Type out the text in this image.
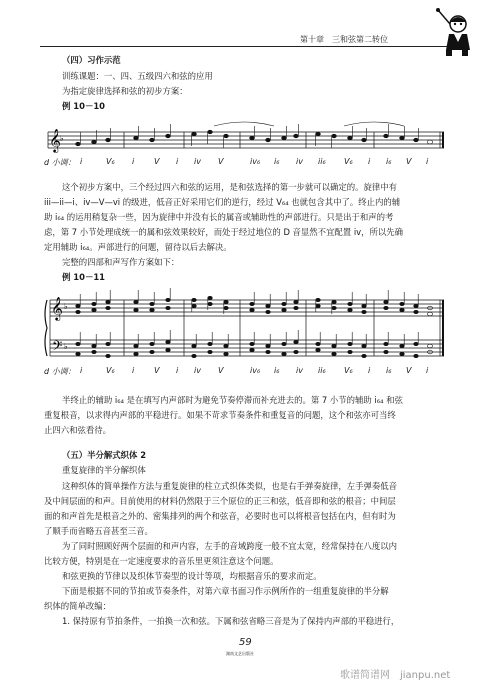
第十章　三和弦第二转位
（四）习作示范
训练课题：一、四、五级四六和弦的应用
为指定旋律选择和弦的初步方案：
例 10－10
𝄞 ♭
d 小调： i	V₆ i V i iv V	iv₆ i₆ iv ii₆ V₆ i i₆ V i
这个初步方案中，三个经过四六和弦的运用，是和弦选择的第一步就可以确定的。旋律中有
iii—ii—i、iv—V—vi 的级进，低音正好采用它们的逆行，经过 V₆₄ 也就包含其中了。终止内的辅
助 i₆₄ 的运用稍复杂一些，因为旋律中并没有长的属音或辅助性的声部进行。只是出于和声的考
虑，第 7 小节处理成统一的属和弦效果较好，而处于经过地位的 D 音显然不宜配置 iv，所以先确
定用辅助 i₆₄。声部进行的问题，留待以后去解决。
完整的四部和声写作方案如下：
例 10－11
𝄞
𝄢
♭
♭
d 小调： i	V₆ i V i iv V	iv₆ i₆ iv ii₆ V₆ i i₆ V i
半终止的辅助 i₆₄ 是在填写内声部时为避免节奏停滞而补充进去的。第 7 小节的辅助 i₆₄ 和弦
重复根音，以求得内声部的平稳进行。如果不苛求节奏条件和重复音的问题，这个和弦亦可当终
止四六和弦看待。
（五）半分解式织体 2
重复旋律的半分解织体
这种织体的简单操作方法与重复旋律的柱立式织体类似，也是右手弹奏旋律，左手弹奏低音
及中间层面的和声。目前使用的材料仍然限于三个原位的正三和弦，低音即和弦的根音；中间层
面的和声首先是根音之外的、密集排列的两个和弦音，必要时也可以将根音包括在内，但有时为
了顺手而省略五音甚至三音。
为了同时照顾好两个层面的和声内容，左手的音域跨度一般不宜太宽，经常保持在八度以内
比较方便，特别是在一定速度要求的音乐里更须注意这个问题。
和弦更换的节律以及织体节奏型的设计等项，均根据音乐的要求而定。
下面是根据不同的节拍或节奏条件，对第六章书面习作示例所作的一组重复旋律的半分解
织体的简单改编：
1. 保持原有节拍条件，一拍换一次和弦。下属和弦省略三音是为了保持内声部的平稳进行，
59
湖南文艺出版社
歌谱简谱网　jianpu.net
